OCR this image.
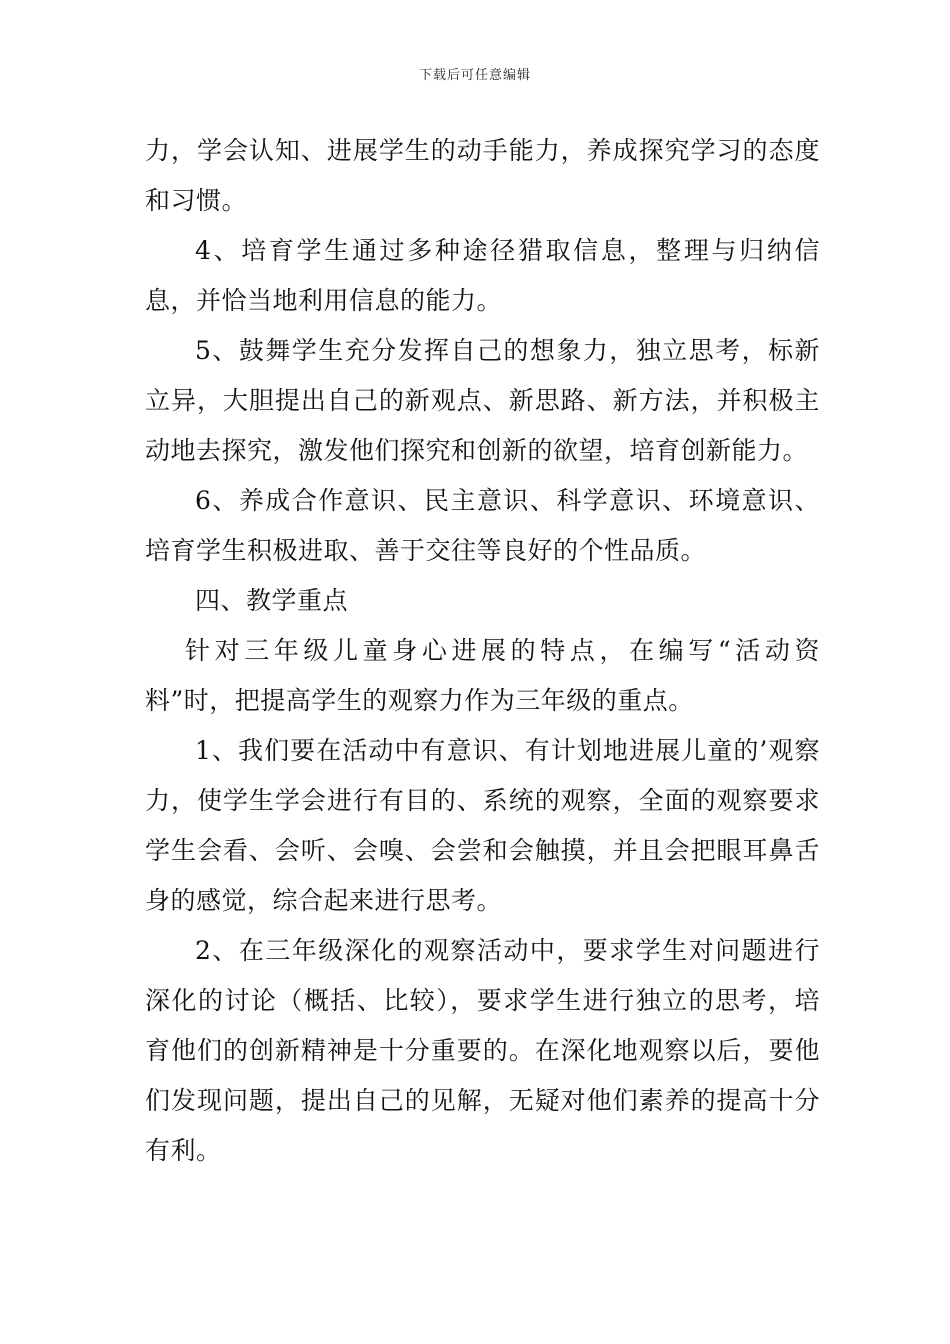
下载后可任意编辑

力，学会认知、进展学生的动手能力，养成探究学习的态度和习惯。

4、培育学生通过多种途径猎取信息，整理与归纳信息，并恰当地利用信息的能力。

5、鼓舞学生充分发挥自己的想象力，独立思考，标新立异，大胆提出自己的新观点、新思路、新方法，并积极主动地去探究，激发他们探究和创新的欲望，培育创新能力。

6、养成合作意识、民主意识、科学意识、环境意识、培育学生积极进取、善于交往等良好的个性品质。

四、教学重点

针对三年级儿童身心进展的特点，在编写“活动资料”时，把提高学生的观察力作为三年级的重点。

1、我们要在活动中有意识、有计划地进展儿童的’观察力，使学生学会进行有目的、系统的观察，全面的观察要求学生会看、会听、会嗅、会尝和会触摸，并且会把眼耳鼻舌身的感觉，综合起来进行思考。

2、在三年级深化的观察活动中，要求学生对问题进行深化的讨论（概括、比较），要求学生进行独立的思考，培育他们的创新精神是十分重要的。在深化地观察以后，要他们发现问题，提出自己的见解，无疑对他们素养的提高十分有利。
